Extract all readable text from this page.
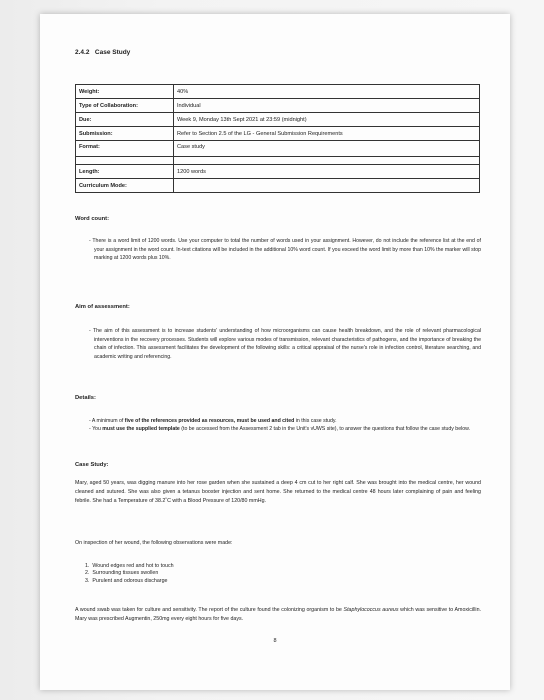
2.4.2 Case Study
Weight:	40%
Type of Collaboration:	Individual
Due:	Week 9, Monday 13th Sept 2021 at 23:59 (midnight)
Submission:	Refer to Section 2.5 of the LG - General Submission Requirements
Format:	Case study

Length:	1200 words
Curriculum Mode:	
Word count:
- There is a word limit of 1200 words. Use your computer to total the number of words used in your assignment. However, do not include the reference list at the end of your assignment in the word count. In-text citations will be included in the additional 10% word count. If you exceed the word limit by more than 10% the marker will stop marking at 1200 words plus 10%.
Aim of assessment:
- The aim of this assessment is to increase students' understanding of how microorganisms can cause health breakdown, and the role of relevant pharmacological interventions in the recovery processes. Students will explore various modes of transmission, relevant characteristics of pathogens, and the importance of breaking the chain of infection. This assessment facilitates the development of the following skills: a critical appraisal of the nurse's role in infection control, literature searching, and academic writing and referencing.
Details:
- A minimum of five of the references provided as resources, must be used and cited in this case study.
- You must use the supplied template (to be accessed from the Assessment 2 tab in the Unit's vUWS site), to answer the questions that follow the case study below.
Case Study:
Mary, aged 50 years, was digging manure into her rose garden when she sustained a deep 4 cm cut to her right calf. She was brought into the medical centre, her wound cleaned and sutured. She was also given a tetanus booster injection and sent home. She returned to the medical centre 48 hours later complaining of pain and feeling febrile. She had a Temperature of 38.2˚C with a Blood Pressure of 120/80 mmHg.
On inspection of her wound, the following observations were made:
1.  Wound edges red and hot to touch
2.  Surrounding tissues swollen
3.  Purulent and odorous discharge
A wound swab was taken for culture and sensitivity. The report of the culture found the colonizing organism to be Staphylococcus aureus which was sensitive to Amoxicillin. Mary was prescribed Augmentin, 250mg every eight hours for five days.
8
